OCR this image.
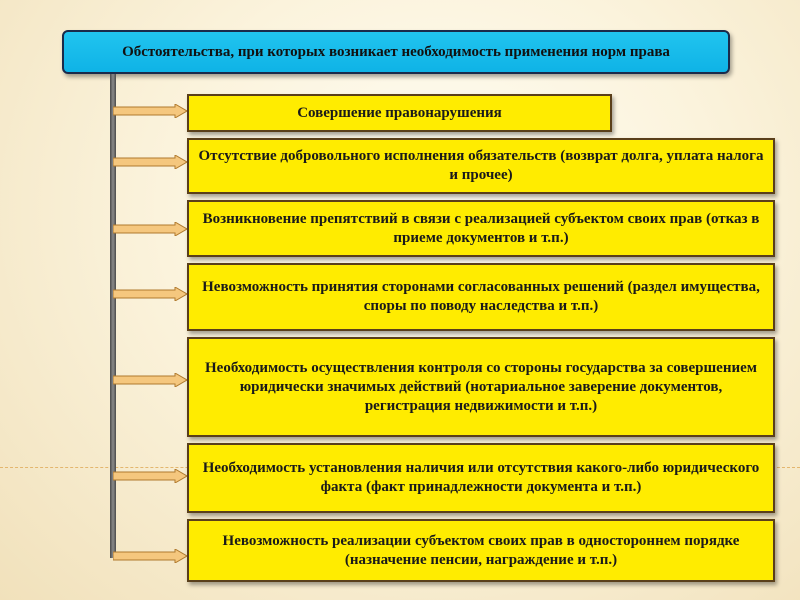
Обстоятельства, при которых возникает необходимость применения норм права
Совершение правонарушения
Отсутствие добровольного исполнения обязательств (возврат долга, уплата налога и прочее)
Возникновение препятствий в связи с реализацией субъектом своих прав (отказ в приеме документов и т.п.)
Невозможность принятия сторонами согласованных решений (раздел имущества, споры по поводу наследства и т.п.)
Необходимость осуществления контроля со стороны государства за совершением юридически значимых действий (нотариальное заверение документов, регистрация недвижимости и т.п.)
Необходимость установления наличия или отсутствия какого-либо юридического факта (факт принадлежности документа и т.п.)
Невозможность реализации субъектом своих прав в одностороннем порядке (назначение пенсии, награждение и т.п.)
